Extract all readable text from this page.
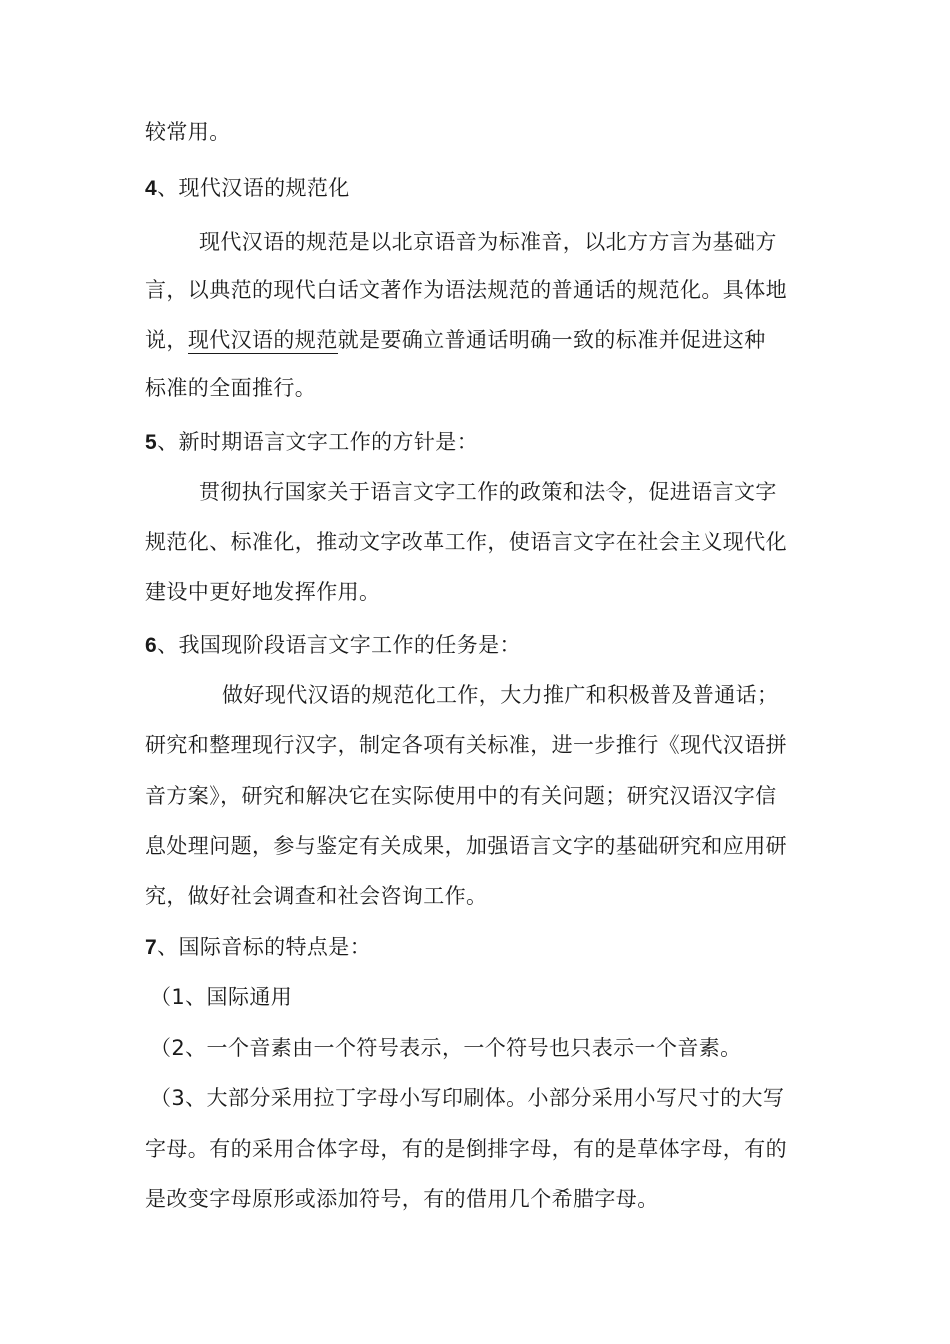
较常用。
4、现代汉语的规范化
现代汉语的规范是以北京语音为标准音，以北方方言为基础方
言，以典范的现代白话文著作为语法规范的普通话的规范化。具体地
说，现代汉语的规范就是要确立普通话明确一致的标准并促进这种
标准的全面推行。
5、新时期语言文字工作的方针是：
贯彻执行国家关于语言文字工作的政策和法令，促进语言文字
规范化、标准化，推动文字改革工作，使语言文字在社会主义现代化
建设中更好地发挥作用。
6、我国现阶段语言文字工作的任务是：
做好现代汉语的规范化工作，大力推广和积极普及普通话；
研究和整理现行汉字，制定各项有关标准，进一步推行《现代汉语拼
音方案》，研究和解决它在实际使用中的有关问题；研究汉语汉字信
息处理问题，参与鉴定有关成果，加强语言文字的基础研究和应用研
究，做好社会调查和社会咨询工作。
7、国际音标的特点是：
（1、国际通用
（2、一个音素由一个符号表示，一个符号也只表示一个音素。
（3、大部分采用拉丁字母小写印刷体。小部分采用小写尺寸的大写
字母。有的采用合体字母，有的是倒排字母，有的是草体字母，有的
是改变字母原形或添加符号，有的借用几个希腊字母。
